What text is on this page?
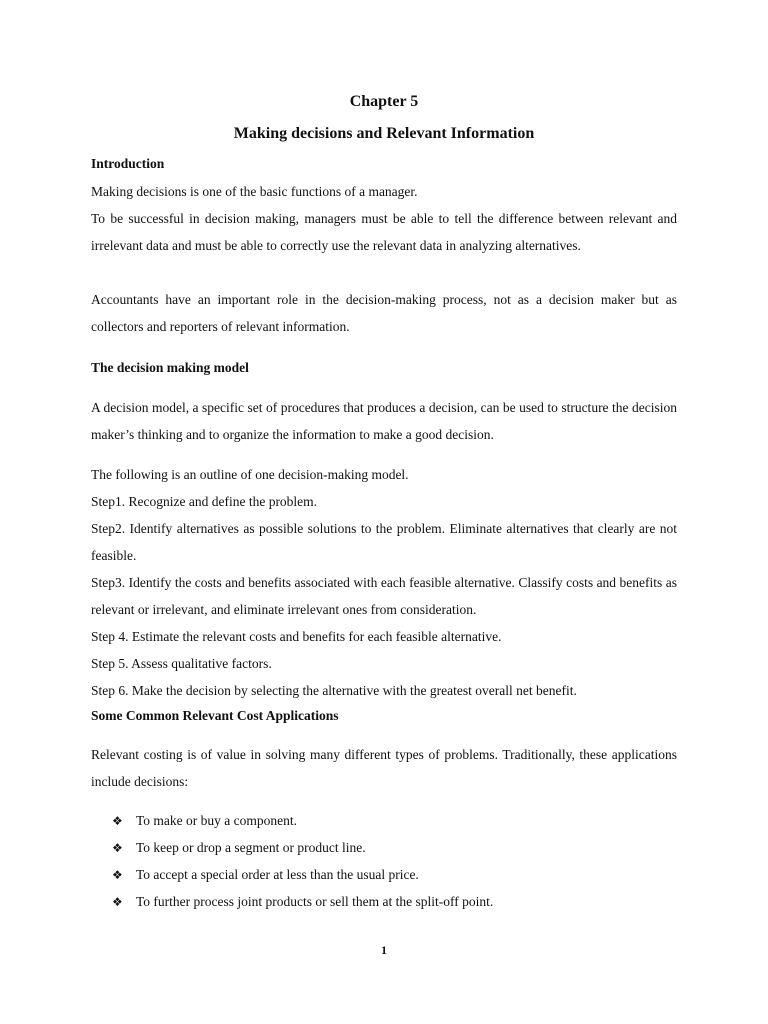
Chapter 5
Making decisions and Relevant Information
Introduction
Making decisions is one of the basic functions of a manager.

To be successful in decision making, managers must be able to tell the difference between relevant and irrelevant data and must be able to correctly use the relevant data in analyzing alternatives.

Accountants have an important role in the decision-making process, not as a decision maker but as collectors and reporters of relevant information.

The decision making model

A decision model, a specific set of procedures that produces a decision, can be used to structure the decision maker’s thinking and to organize the information to make a good decision.

The following is an outline of one decision-making model.
Step1. Recognize and define the problem.

Step2. Identify alternatives as possible solutions to the problem. Eliminate alternatives that clearly are not feasible.

Step3. Identify the costs and benefits associated with each feasible alternative. Classify costs and benefits as relevant or irrelevant, and eliminate irrelevant ones from consideration.

Step 4. Estimate the relevant costs and benefits for each feasible alternative.
Step 5. Assess qualitative factors.
Step 6. Make the decision by selecting the alternative with the greatest overall net benefit.
Some Common Relevant Cost Applications

Relevant costing is of value in solving many different types of problems. Traditionally, these applications include decisions:

❖ To make or buy a component.
❖ To keep or drop a segment or product line.
❖ To accept a special order at less than the usual price.
❖ To further process joint products or sell them at the split-off point.
1
